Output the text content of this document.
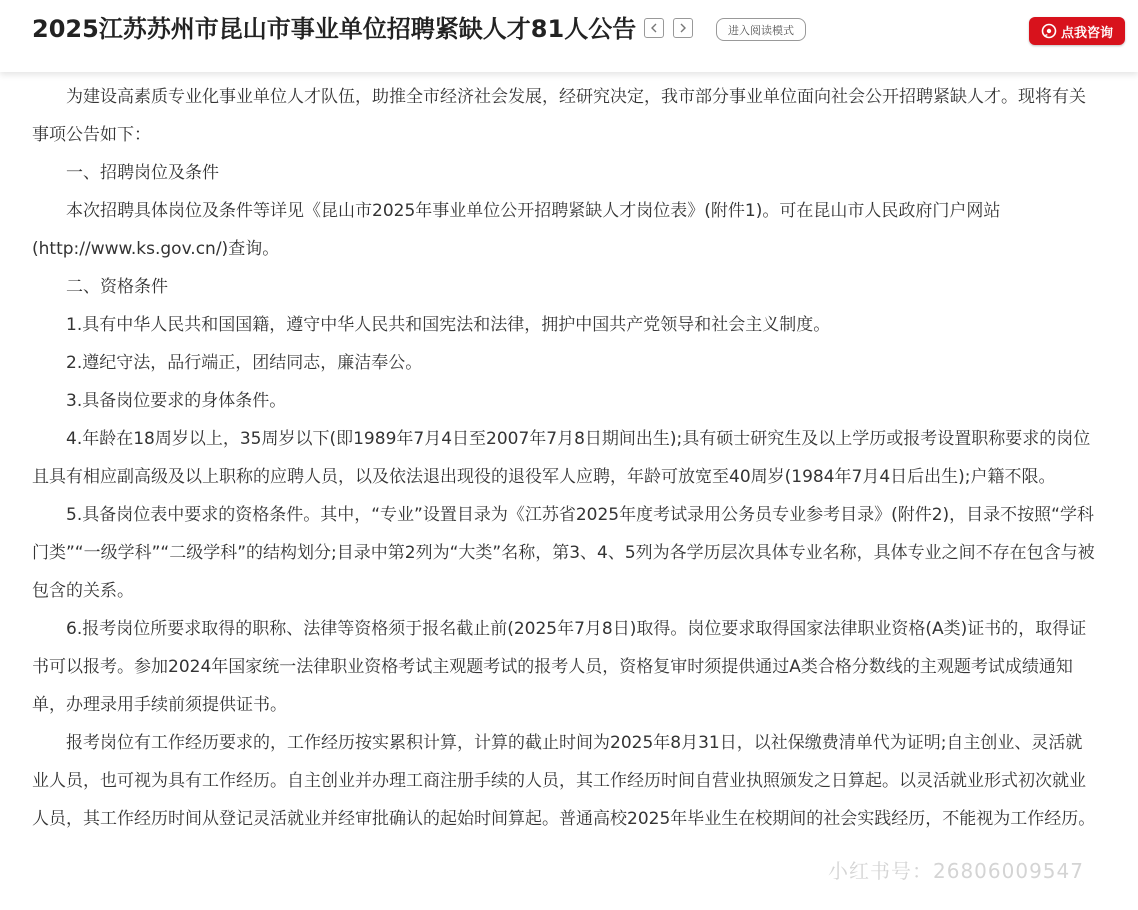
2025江苏苏州市昆山市事业单位招聘紧缺人才81人公告	进入阅读模式	点我咨询

为建设高素质专业化事业单位人才队伍，助推全市经济社会发展，经研究决定，我市部分事业单位面向社会公开招聘紧缺人才。现将有关事项公告如下：

一、招聘岗位及条件

本次招聘具体岗位及条件等详见《昆山市2025年事业单位公开招聘紧缺人才岗位表》(附件1)。可在昆山市人民政府门户网站(http://www.ks.gov.cn/)查询。

二、资格条件

1.具有中华人民共和国国籍，遵守中华人民共和国宪法和法律，拥护中国共产党领导和社会主义制度。

2.遵纪守法，品行端正，团结同志，廉洁奉公。

3.具备岗位要求的身体条件。

4.年龄在18周岁以上，35周岁以下(即1989年7月4日至2007年7月8日期间出生);具有硕士研究生及以上学历或报考设置职称要求的岗位且具有相应副高级及以上职称的应聘人员，以及依法退出现役的退役军人应聘，年龄可放宽至40周岁(1984年7月4日后出生);户籍不限。

5.具备岗位表中要求的资格条件。其中，“专业”设置目录为《江苏省2025年度考试录用公务员专业参考目录》(附件2)，目录不按照“学科门类”“一级学科”“二级学科”的结构划分;目录中第2列为“大类”名称，第3、4、5列为各学历层次具体专业名称，具体专业之间不存在包含与被包含的关系。

6.报考岗位所要求取得的职称、法律等资格须于报名截止前(2025年7月8日)取得。岗位要求取得国家法律职业资格(A类)证书的，取得证书可以报考。参加2024年国家统一法律职业资格考试主观题考试的报考人员，资格复审时须提供通过A类合格分数线的主观题考试成绩通知单，办理录用手续前须提供证书。

报考岗位有工作经历要求的，工作经历按实累积计算，计算的截止时间为2025年8月31日，以社保缴费清单代为证明;自主创业、灵活就业人员，也可视为具有工作经历。自主创业并办理工商注册手续的人员，其工作经历时间自营业执照颁发之日算起。以灵活就业形式初次就业人员，其工作经历时间从登记灵活就业并经审批确认的起始时间算起。普通高校2025年毕业生在校期间的社会实践经历，不能视为工作经历。

小红书号：26806009547
